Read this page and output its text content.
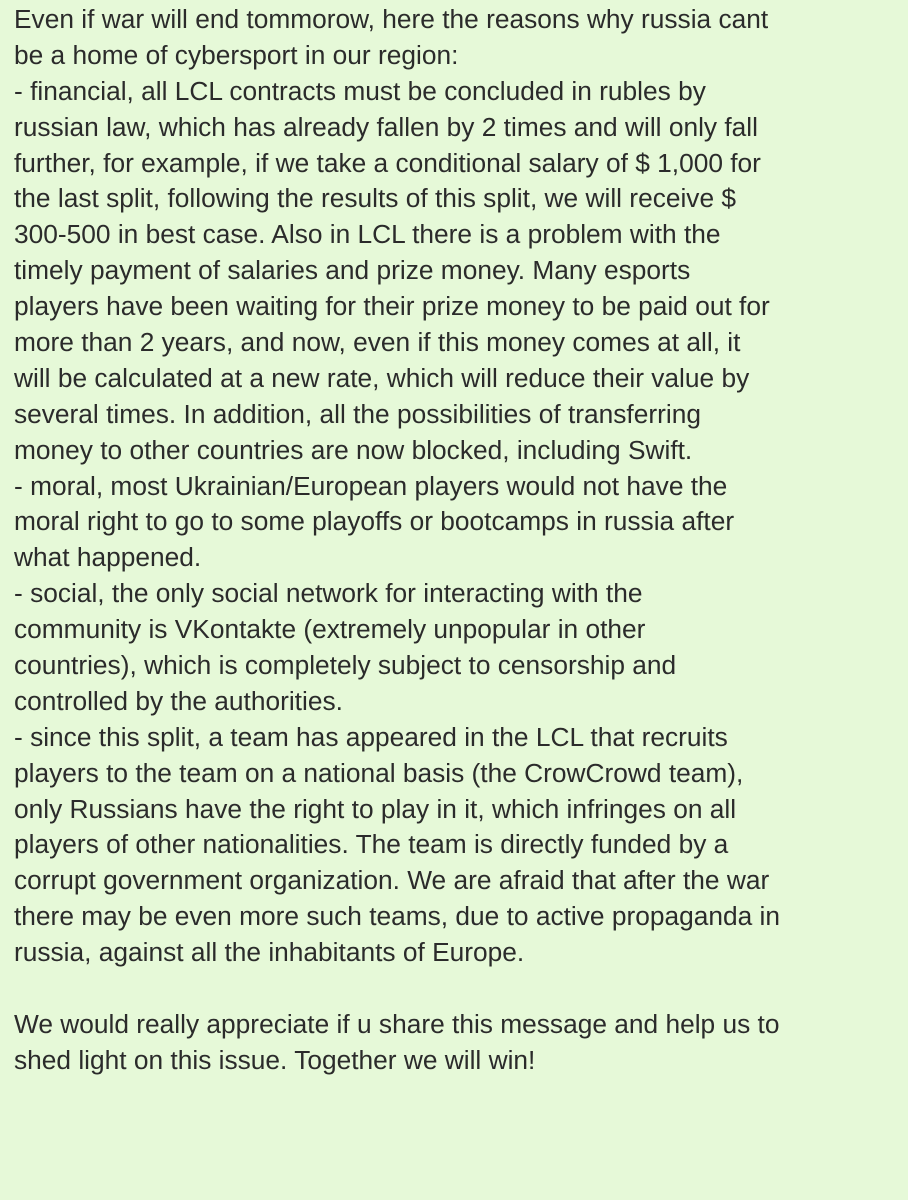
Even if war will end tommorow, here the reasons why russia cant
be a home of cybersport in our region:
- financial, all LCL contracts must be concluded in rubles by
russian law, which has already fallen by 2 times and will only fall
further, for example, if we take a conditional salary of $ 1,000 for
the last split, following the results of this split, we will receive $
300-500 in best case. Also in LCL there is a problem with the
timely payment of salaries and prize money. Many esports
players have been waiting for their prize money to be paid out for
more than 2 years, and now, even if this money comes at all, it
will be calculated at a new rate, which will reduce their value by
several times. In addition, all the possibilities of transferring
money to other countries are now blocked, including Swift.
- moral, most Ukrainian/European players would not have the
moral right to go to some playoffs or bootcamps in russia after
what happened.
- social, the only social network for interacting with the
community is VKontakte (extremely unpopular in other
countries), which is completely subject to censorship and
controlled by the authorities.
- since this split, a team has appeared in the LCL that recruits
players to the team on a national basis (the CrowCrowd team),
only Russians have the right to play in it, which infringes on all
players of other nationalities. The team is directly funded by a
corrupt government organization. We are afraid that after the war
there may be even more such teams, due to active propaganda in
russia, against all the inhabitants of Europe.
We would really appreciate if u share this message and help us to
shed light on this issue. Together we will win!
